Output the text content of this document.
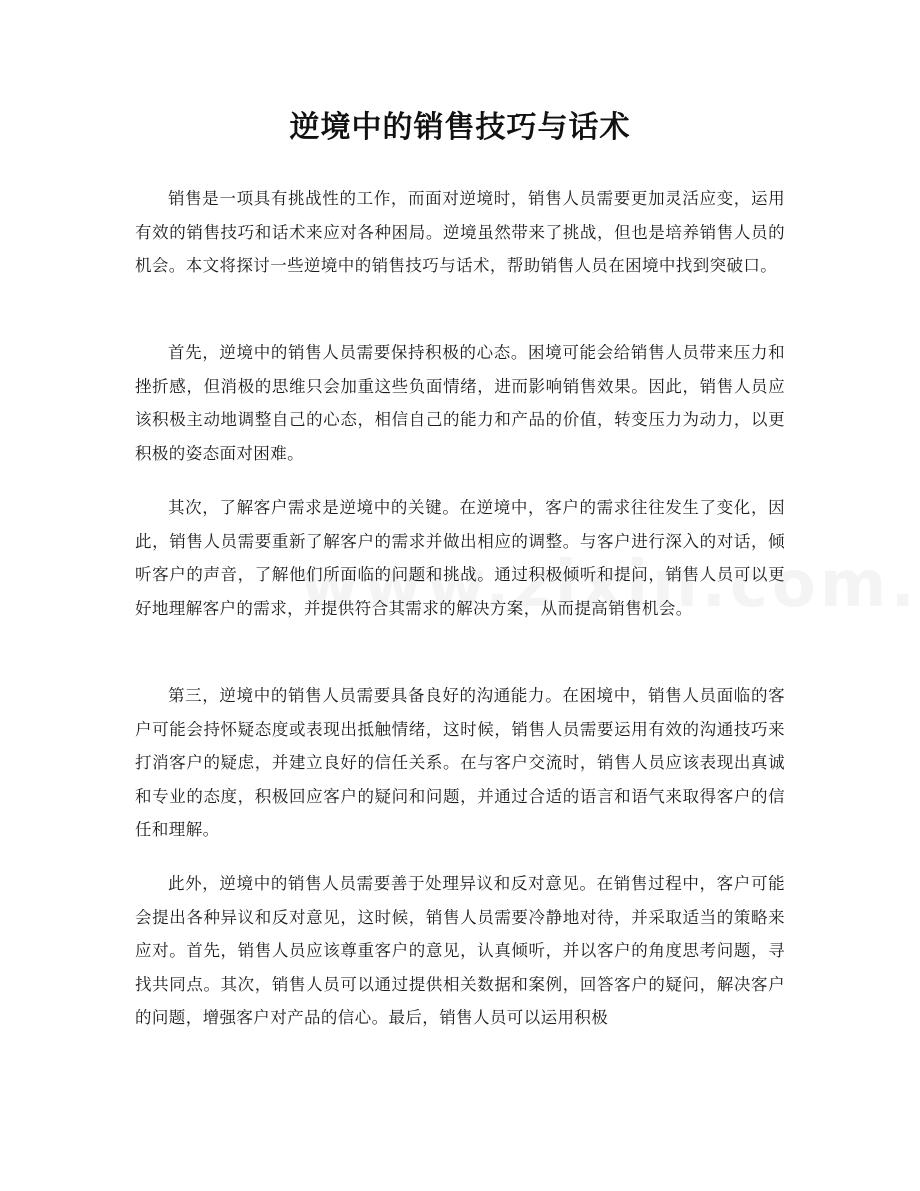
逆境中的销售技巧与话术

销售是一项具有挑战性的工作，而面对逆境时，销售人员需要更加灵活应变，运用有效的销售技巧和话术来应对各种困局。逆境虽然带来了挑战，但也是培养销售人员的机会。本文将探讨一些逆境中的销售技巧与话术，帮助销售人员在困境中找到突破口。

首先，逆境中的销售人员需要保持积极的心态。困境可能会给销售人员带来压力和挫折感，但消极的思维只会加重这些负面情绪，进而影响销售效果。因此，销售人员应该积极主动地调整自己的心态，相信自己的能力和产品的价值，转变压力为动力，以更积极的姿态面对困难。

其次，了解客户需求是逆境中的关键。在逆境中，客户的需求往往发生了变化，因此，销售人员需要重新了解客户的需求并做出相应的调整。与客户进行深入的对话，倾听客户的声音，了解他们所面临的问题和挑战。通过积极倾听和提问，销售人员可以更好地理解客户的需求，并提供符合其需求的解决方案，从而提高销售机会。

第三，逆境中的销售人员需要具备良好的沟通能力。在困境中，销售人员面临的客户可能会持怀疑态度或表现出抵触情绪，这时候，销售人员需要运用有效的沟通技巧来打消客户的疑虑，并建立良好的信任关系。在与客户交流时，销售人员应该表现出真诚和专业的态度，积极回应客户的疑问和问题，并通过合适的语言和语气来取得客户的信任和理解。

此外，逆境中的销售人员需要善于处理异议和反对意见。在销售过程中，客户可能会提出各种异议和反对意见，这时候，销售人员需要冷静地对待，并采取适当的策略来应对。首先，销售人员应该尊重客户的意见，认真倾听，并以客户的角度思考问题，寻找共同点。其次，销售人员可以通过提供相关数据和案例，回答客户的疑问，解决客户的问题，增强客户对产品的信心。最后，销售人员可以运用积极
